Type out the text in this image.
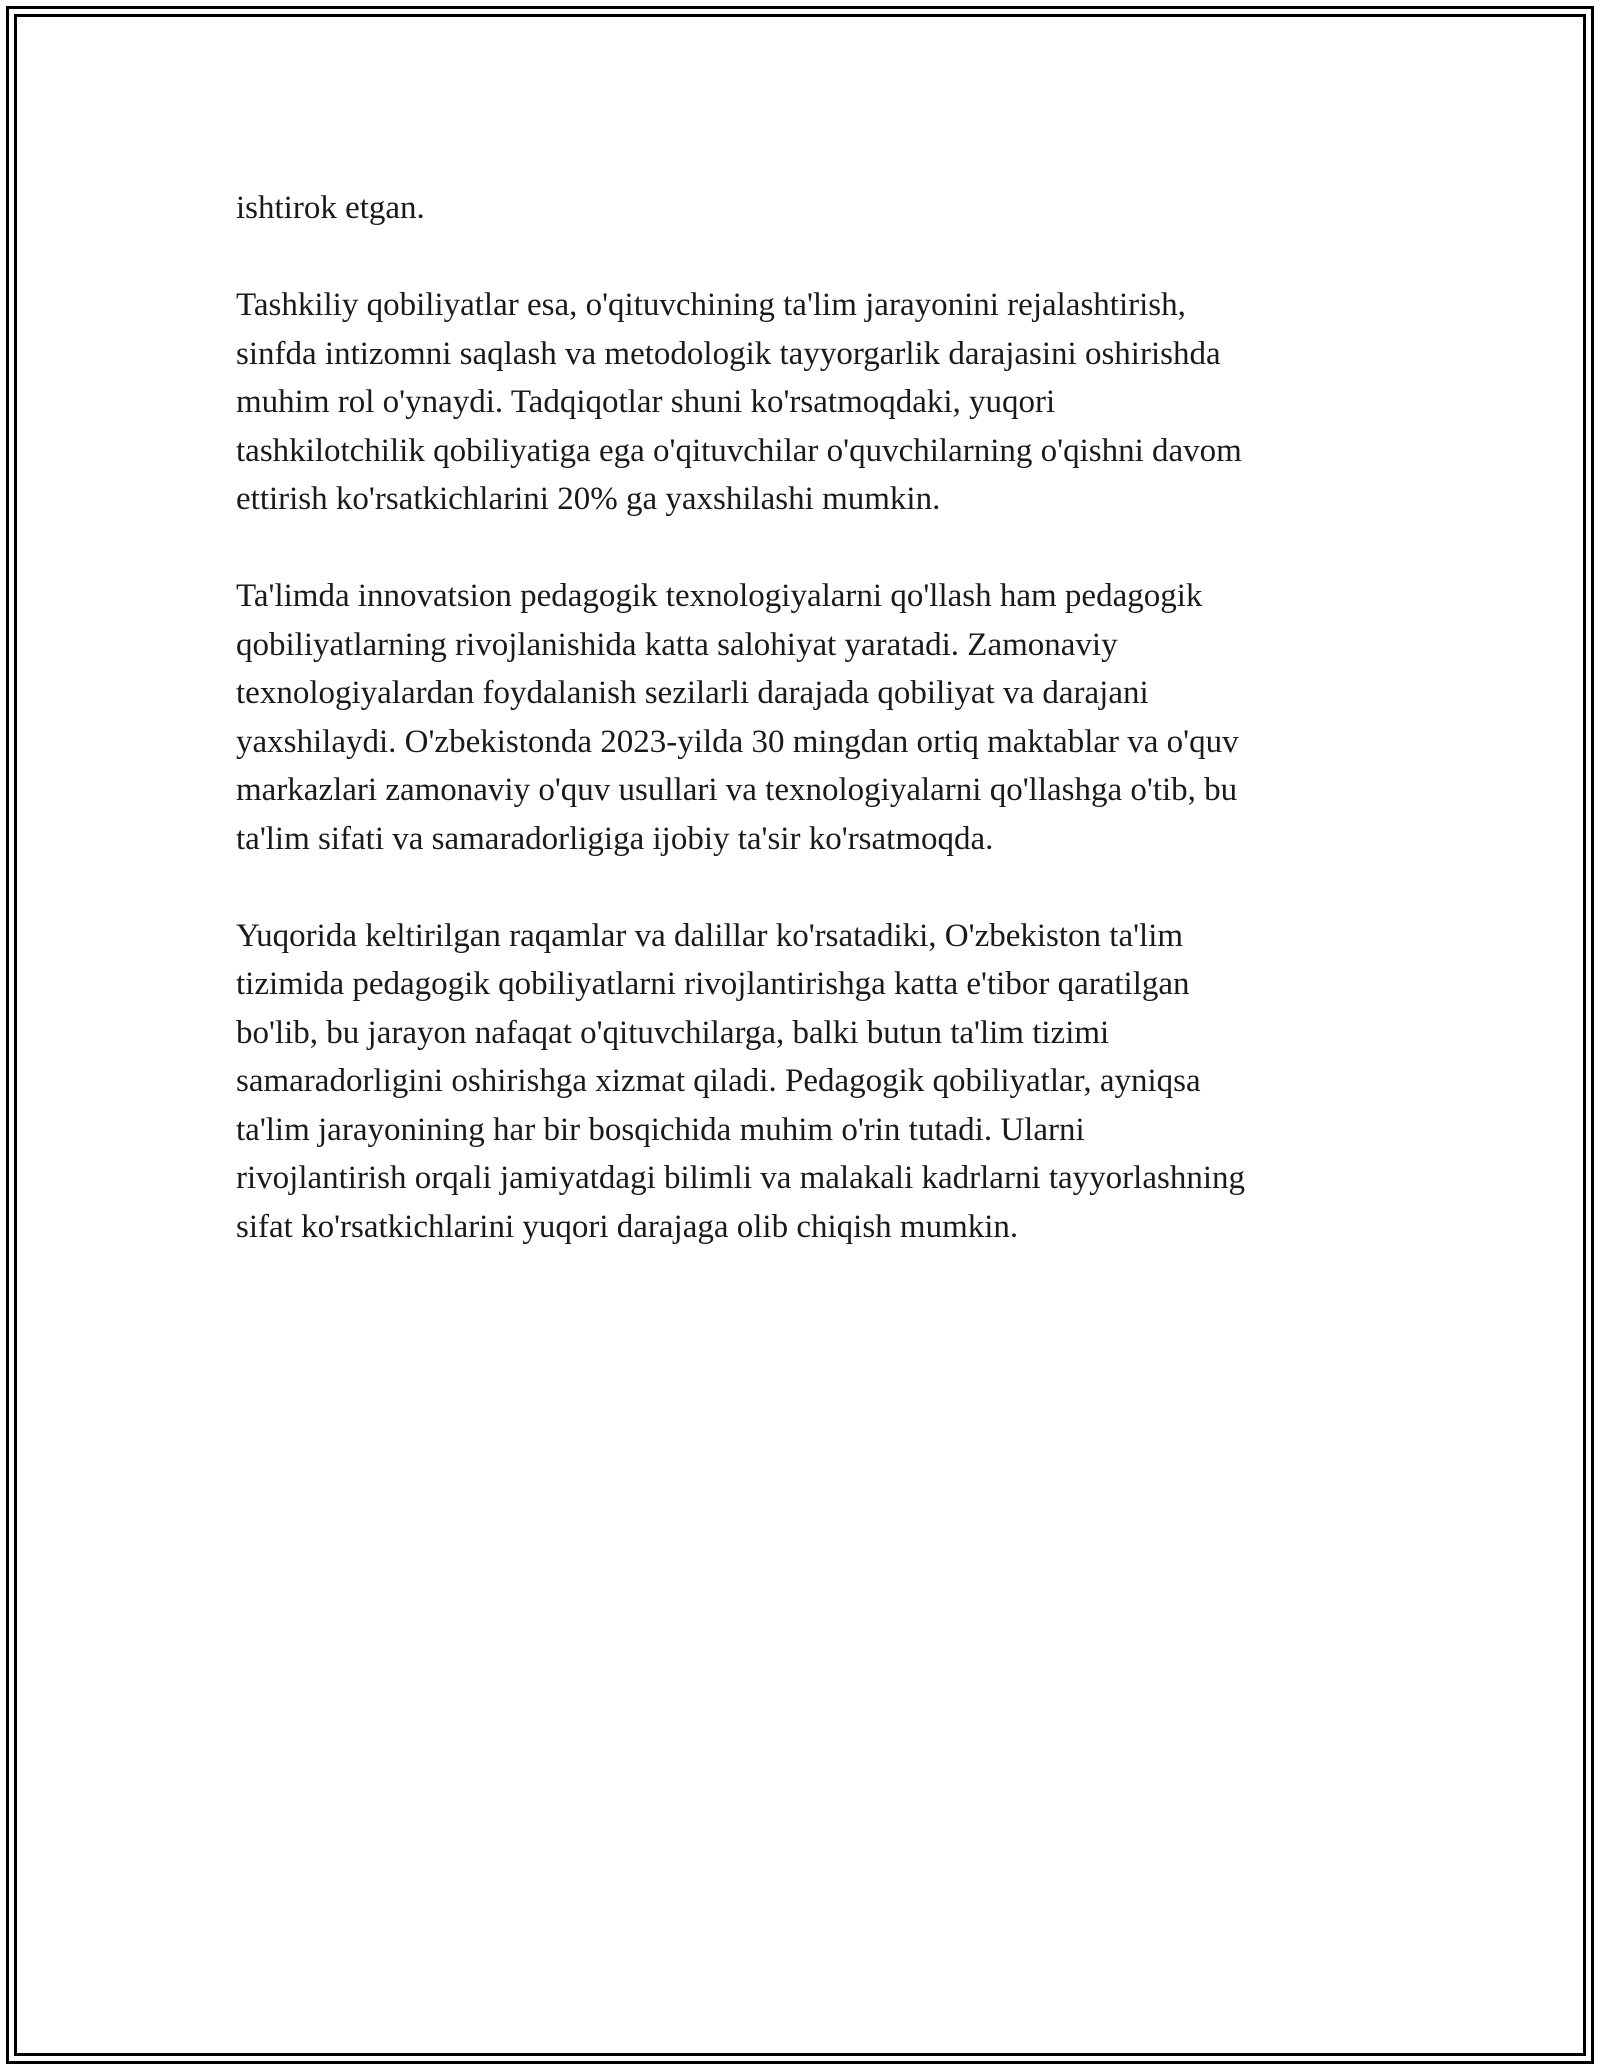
ishtirok etgan.

Tashkiliy qobiliyatlar esa, o'qituvchining ta'lim jarayonini rejalashtirish,
sinfda intizomni saqlash va metodologik tayyorgarlik darajasini oshirishda
muhim rol o'ynaydi. Tadqiqotlar shuni ko'rsatmoqdaki, yuqori
tashkilotchilik qobiliyatiga ega o'qituvchilar o'quvchilarning o'qishni davom
ettirish ko'rsatkichlarini 20% ga yaxshilashi mumkin.

Ta'limda innovatsion pedagogik texnologiyalarni qo'llash ham pedagogik
qobiliyatlarning rivojlanishida katta salohiyat yaratadi. Zamonaviy
texnologiyalardan foydalanish sezilarli darajada qobiliyat va darajani
yaxshilaydi. O'zbekistonda 2023-yilda 30 mingdan ortiq maktablar va o'quv
markazlari zamonaviy o'quv usullari va texnologiyalarni qo'llashga o'tib, bu
ta'lim sifati va samaradorligiga ijobiy ta'sir ko'rsatmoqda.

Yuqorida keltirilgan raqamlar va dalillar ko'rsatadiki, O'zbekiston ta'lim
tizimida pedagogik qobiliyatlarni rivojlantirishga katta e'tibor qaratilgan
bo'lib, bu jarayon nafaqat o'qituvchilarga, balki butun ta'lim tizimi
samaradorligini oshirishga xizmat qiladi. Pedagogik qobiliyatlar, ayniqsa
ta'lim jarayonining har bir bosqichida muhim o'rin tutadi. Ularni
rivojlantirish orqali jamiyatdagi bilimli va malakali kadrlarni tayyorlashning
sifat ko'rsatkichlarini yuqori darajaga olib chiqish mumkin.
